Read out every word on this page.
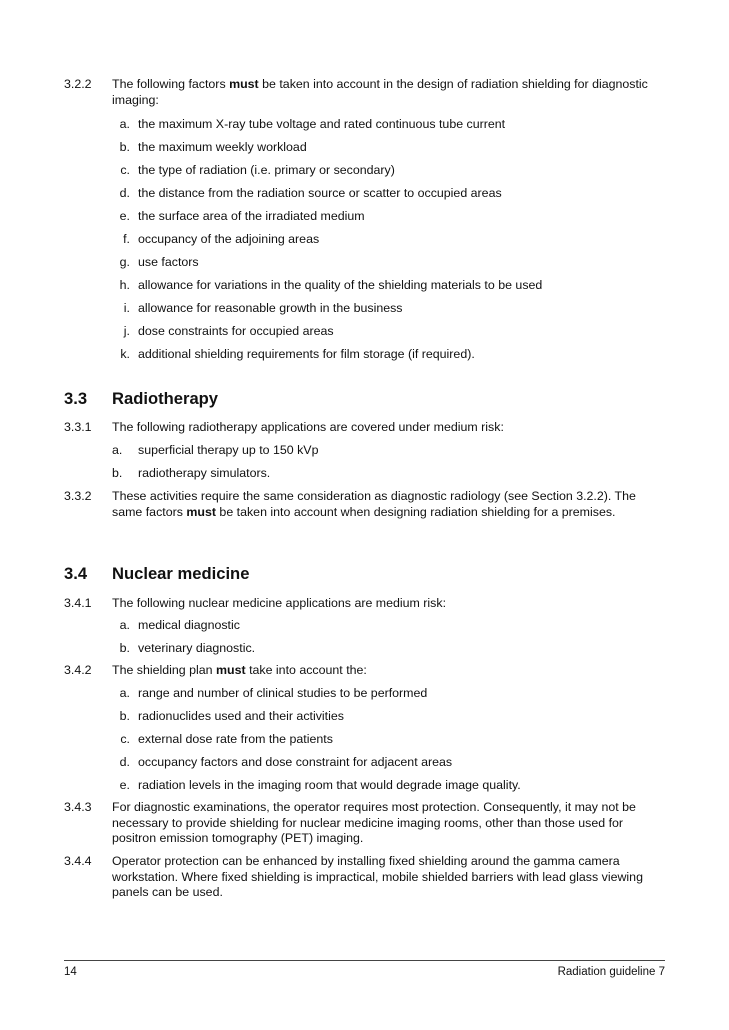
3.2.2 The following factors must be taken into account in the design of radiation shielding for diagnostic imaging:
a. the maximum X-ray tube voltage and rated continuous tube current
b. the maximum weekly workload
c. the type of radiation (i.e. primary or secondary)
d. the distance from the radiation source or scatter to occupied areas
e. the surface area of the irradiated medium
f. occupancy of the adjoining areas
g. use factors
h. allowance for variations in the quality of the shielding materials to be used
i. allowance for reasonable growth in the business
j. dose constraints for occupied areas
k. additional shielding requirements for film storage (if required).
3.3 Radiotherapy
3.3.1 The following radiotherapy applications are covered under medium risk:
a.	superficial therapy up to 150 kVp
b.	radiotherapy simulators.
3.3.2 These activities require the same consideration as diagnostic radiology (see Section 3.2.2). The same factors must be taken into account when designing radiation shielding for a premises.
3.4 Nuclear medicine
3.4.1 The following nuclear medicine applications are medium risk:
a. medical diagnostic
b. veterinary diagnostic.
3.4.2 The shielding plan must take into account the:
a. range and number of clinical studies to be performed
b. radionuclides used and their activities
c. external dose rate from the patients
d. occupancy factors and dose constraint for adjacent areas
e. radiation levels in the imaging room that would degrade image quality.
3.4.3 For diagnostic examinations, the operator requires most protection. Consequently, it may not be necessary to provide shielding for nuclear medicine imaging rooms, other than those used for positron emission tomography (PET) imaging.
3.4.4 Operator protection can be enhanced by installing fixed shielding around the gamma camera workstation. Where fixed shielding is impractical, mobile shielded barriers with lead glass viewing panels can be used.
14	Radiation guideline 7
